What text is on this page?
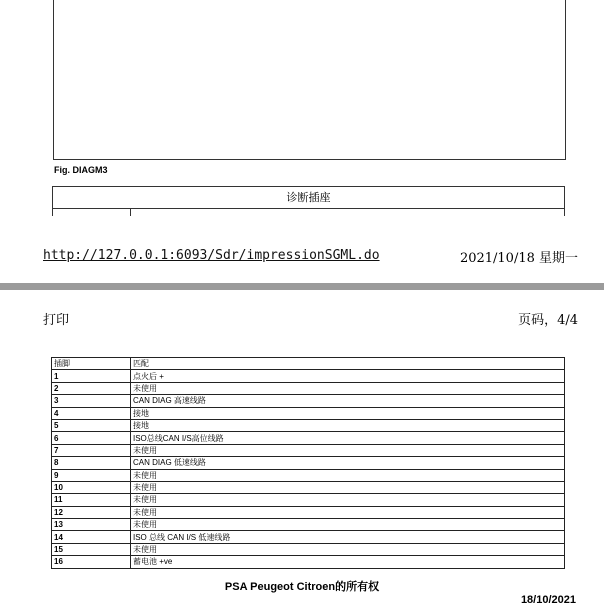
Fig. DIAGM3
诊断插座
http://127.0.0.1:6093/Sdr/impressionSGML.do	2021/10/18 星期一
打印	页码，4/4
插脚	匹配
1	点火后 +
2	未使用
3	CAN DIAG 高速线路
4	接地
5	接地
6	ISO总线CAN I/S高位线路
7	未使用
8	CAN DIAG 低速线路
9	未使用
10	未使用
11	未使用
12	未使用
13	未使用
14	ISO 总线 CAN I/S 低速线路
15	未使用
16	蓄电池 +ve
PSA Peugeot Citroen的所有权
18/10/2021
